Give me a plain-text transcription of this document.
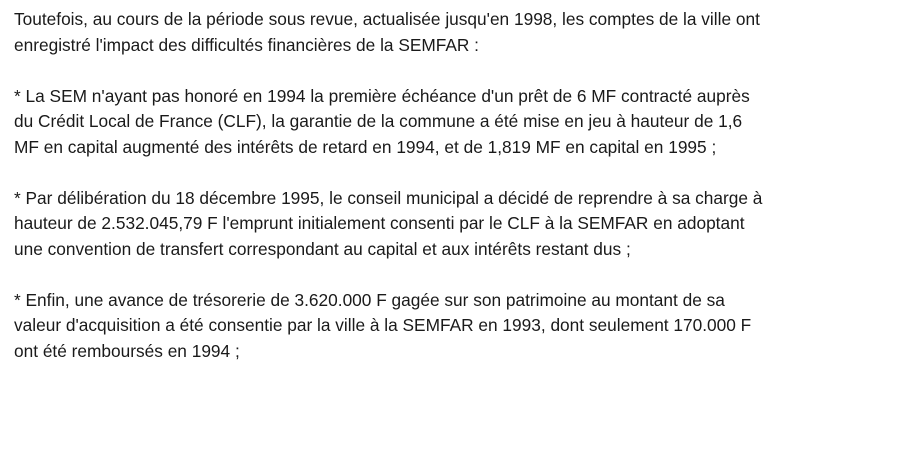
Toutefois, au cours de la période sous revue, actualisée jusqu'en 1998, les comptes de la ville ont
enregistré l'impact des difficultés financières de la SEMFAR :

* La SEM n'ayant pas honoré en 1994 la première échéance d'un prêt de 6 MF contracté auprès
du Crédit Local de France (CLF), la garantie de la commune a été mise en jeu à hauteur de 1,6
MF en capital augmenté des intérêts de retard en 1994, et de 1,819 MF en capital en 1995 ;

* Par délibération du 18 décembre 1995, le conseil municipal a décidé de reprendre à sa charge à
hauteur de 2.532.045,79 F l'emprunt initialement consenti par le CLF à la SEMFAR en adoptant
une convention de transfert correspondant au capital et aux intérêts restant dus ;

* Enfin, une avance de trésorerie de 3.620.000 F gagée sur son patrimoine au montant de sa
valeur d'acquisition a été consentie par la ville à la SEMFAR en 1993, dont seulement 170.000 F
ont été remboursés en 1994 ;
